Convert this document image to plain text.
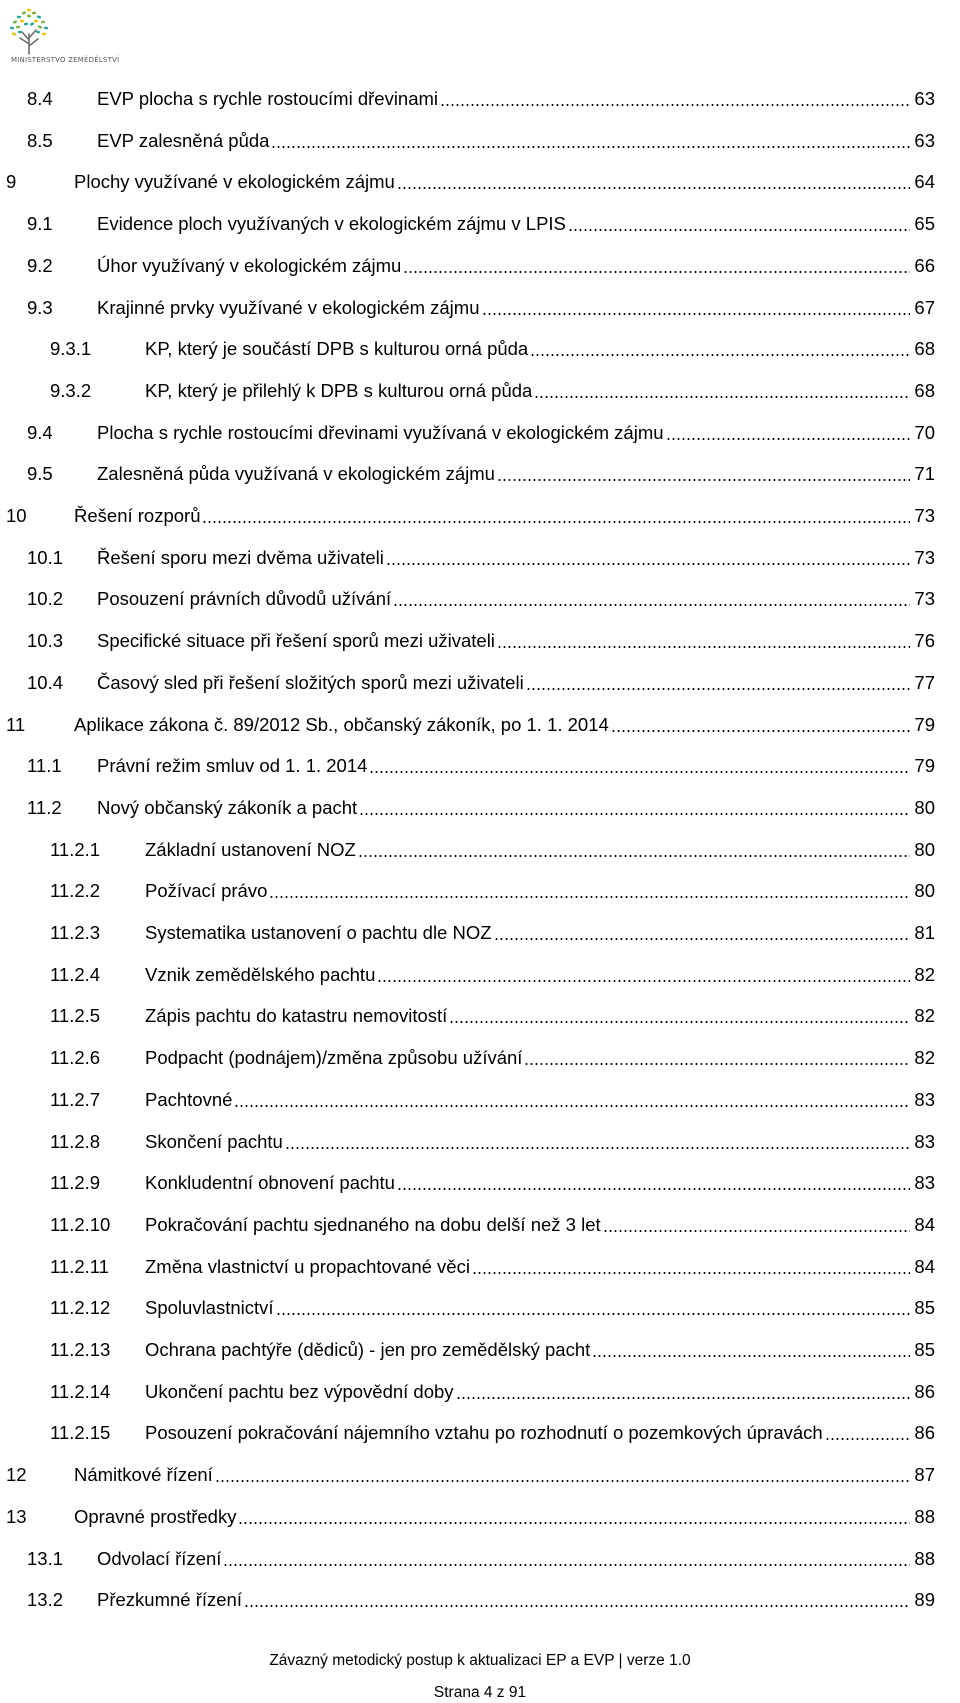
MINISTERSTVO ZEMĚDĚLSTVÍ
8.4	EVP plocha s rychle rostoucími dřevinami	63
8.5	EVP zalesněná půda	63
9	Plochy využívané v ekologickém zájmu	64
9.1	Evidence ploch využívaných v ekologickém zájmu v LPIS	65
9.2	Úhor využívaný v ekologickém zájmu	66
9.3	Krajinné prvky využívané v ekologickém zájmu	67
9.3.1	KP, který je součástí DPB s kulturou orná půda	68
9.3.2	KP, který je přilehlý k DPB s kulturou orná půda	68
9.4	Plocha s rychle rostoucími dřevinami využívaná v ekologickém zájmu	70
9.5	Zalesněná půda využívaná v ekologickém zájmu	71
10	Řešení rozporů	73
10.1	Řešení sporu mezi dvěma uživateli	73
10.2	Posouzení právních důvodů užívání	73
10.3	Specifické situace při řešení sporů mezi uživateli	76
10.4	Časový sled při řešení složitých sporů mezi uživateli	77
11	Aplikace zákona č. 89/2012 Sb., občanský zákoník, po 1. 1. 2014	79
11.1	Právní režim smluv od 1. 1. 2014	79
11.2	Nový občanský zákoník a pacht	80
11.2.1	Základní ustanovení NOZ	80
11.2.2	Požívací právo	80
11.2.3	Systematika ustanovení o pachtu dle NOZ	81
11.2.4	Vznik zemědělského pachtu	82
11.2.5	Zápis pachtu do katastru nemovitostí	82
11.2.6	Podpacht (podnájem)/změna způsobu užívání	82
11.2.7	Pachtovné	83
11.2.8	Skončení pachtu	83
11.2.9	Konkludentní obnovení pachtu	83
11.2.10	Pokračování pachtu sjednaného na dobu delší než 3 let	84
11.2.11	Změna vlastnictví u propachtované věci	84
11.2.12	Spoluvlastnictví	85
11.2.13	Ochrana pachtýře (dědiců) - jen pro zemědělský pacht	85
11.2.14	Ukončení pachtu bez výpovědní doby	86
11.2.15	Posouzení pokračování nájemního vztahu po rozhodnutí o pozemkových úpravách	86
12	Námitkové řízení	87
13	Opravné prostředky	88
13.1	Odvolací řízení	88
13.2	Přezkumné řízení	89
Závazný metodický postup k aktualizaci EP a EVP | verze 1.0
Strana 4 z 91
